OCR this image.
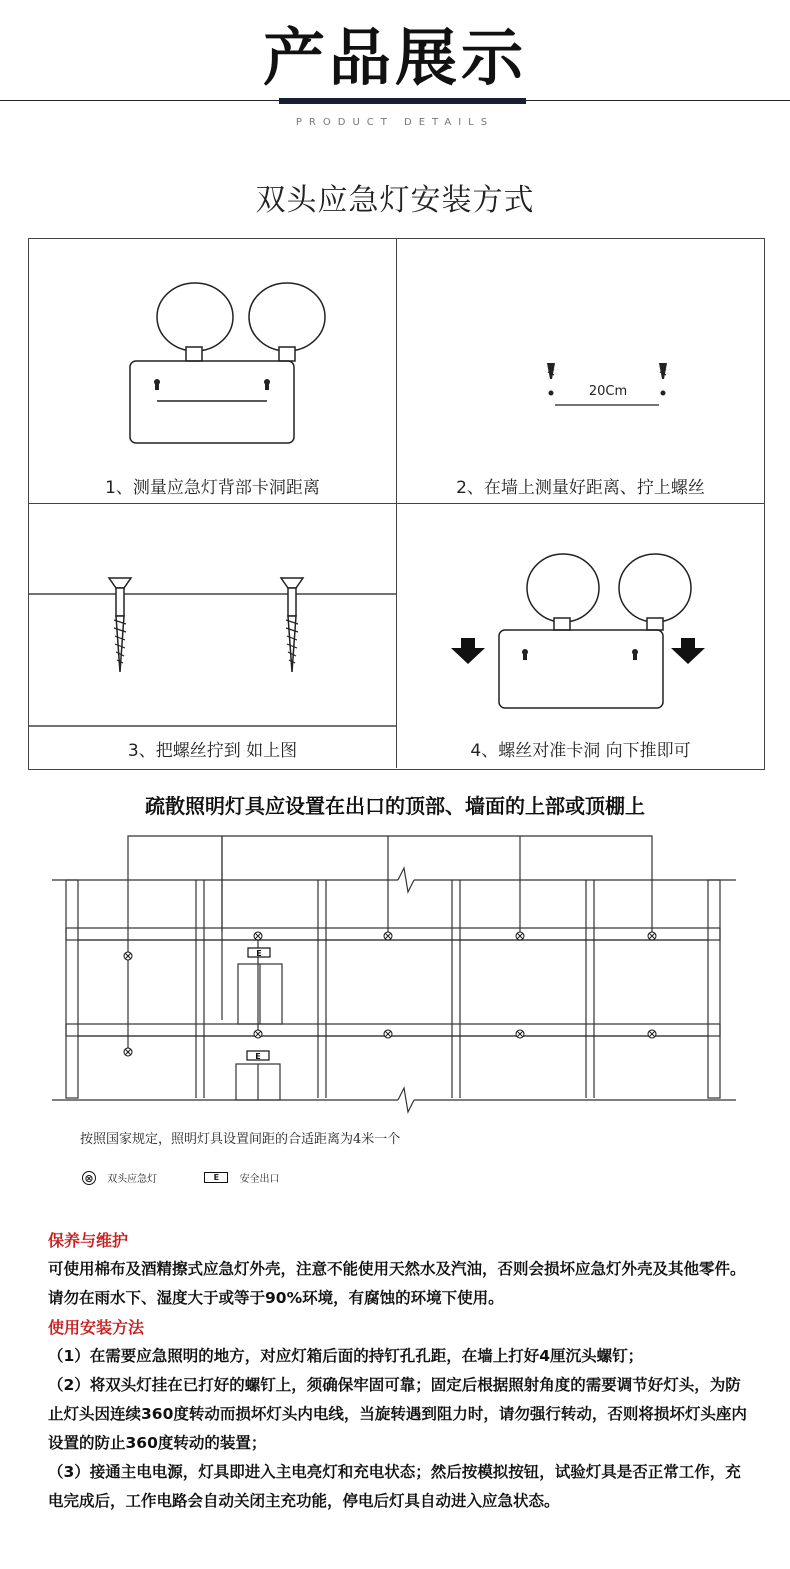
产品展示
PRODUCT DETAILS
双头应急灯安装方式
1、测量应急灯背部卡洞距离
20Cm
2、在墙上测量好距离、拧上螺丝
3、把螺丝拧到 如上图	4、螺丝对准卡洞 向下推即可
疏散照明灯具应设置在出口的顶部、墙面的上部或顶棚上
E
E
按照国家规定，照明灯具设置间距的合适距离为4米一个
⊗ 双头应急灯	E 安全出口
保养与维护
可使用棉布及酒精擦式应急灯外壳，注意不能使用天然水及汽油，否则会损坏应急灯外壳及其他零件。请勿在雨水下、湿度大于或等于90%环境，有腐蚀的环境下使用。
使用安装方法
（1）在需要应急照明的地方，对应灯箱后面的持钉孔孔距，在墙上打好4厘沉头螺钉；
（2）将双头灯挂在已打好的螺钉上，须确保牢固可靠；固定后根据照射角度的需要调节好灯头，为防止灯头因连续360度转动而损坏灯头内电线，当旋转遇到阻力时，请勿强行转动，否则将损坏灯头座内设置的防止360度转动的装置；
（3）接通主电电源，灯具即进入主电亮灯和充电状态；然后按模拟按钮，试验灯具是否正常工作，充电完成后，工作电路会自动关闭主充功能，停电后灯具自动进入应急状态。
